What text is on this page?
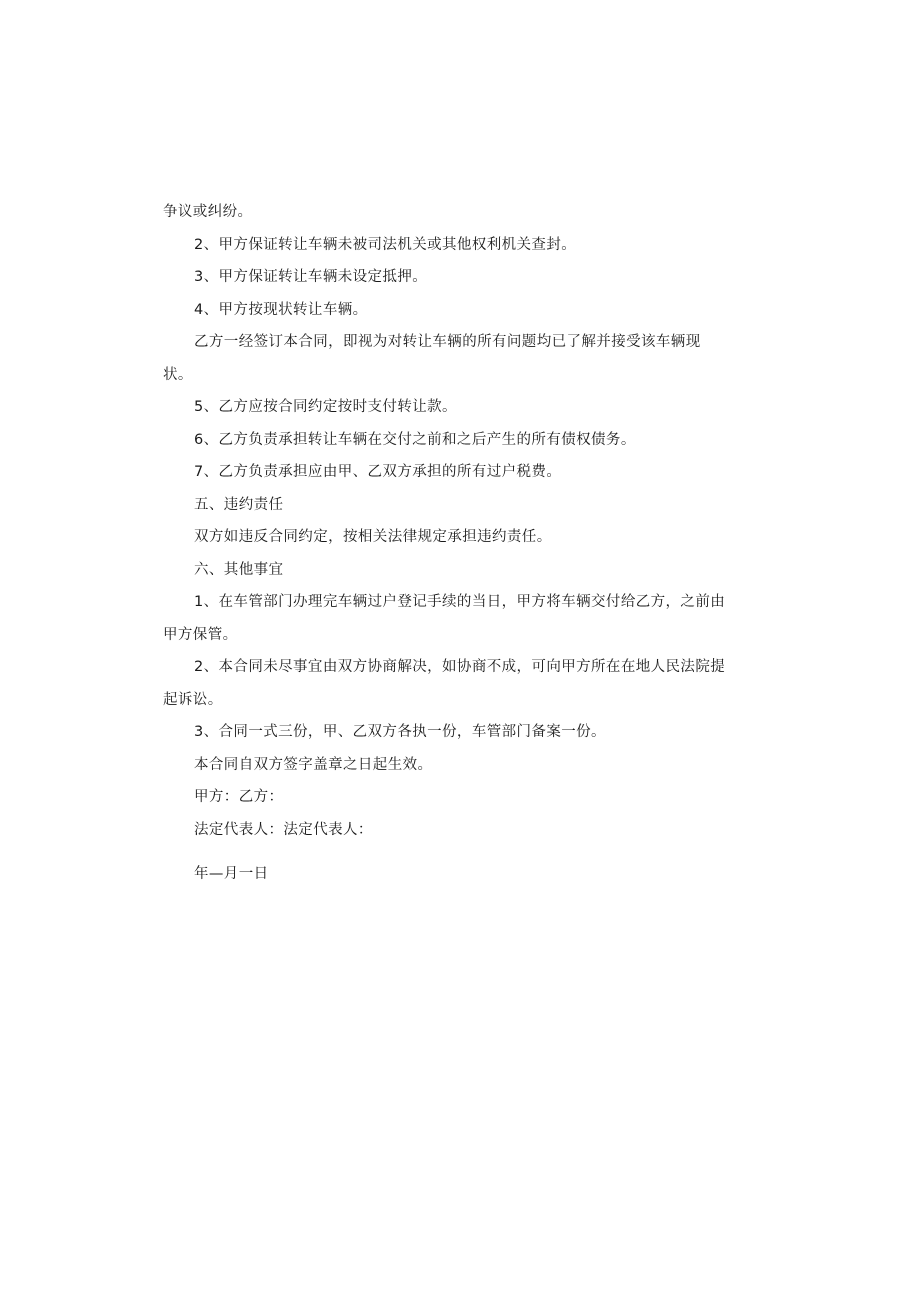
争议或纠纷。
2、甲方保证转让车辆未被司法机关或其他权利机关查封。
3、甲方保证转让车辆未设定抵押。
4、甲方按现状转让车辆。
乙方一经签订本合同，即视为对转让车辆的所有问题均已了解并接受该车辆现
状。
5、乙方应按合同约定按时支付转让款。
6、乙方负责承担转让车辆在交付之前和之后产生的所有债权债务。
7、乙方负责承担应由甲、乙双方承担的所有过户税费。
五、违约责任
双方如违反合同约定，按相关法律规定承担违约责任。
六、其他事宜
1、在车管部门办理完车辆过户登记手续的当日，甲方将车辆交付给乙方，之前由
甲方保管。
2、本合同未尽事宜由双方协商解决，如协商不成，可向甲方所在在地人民法院提
起诉讼。
3、合同一式三份，甲、乙双方各执一份，车管部门备案一份。
本合同自双方签字盖章之日起生效。
甲方：乙方：
法定代表人：法定代表人：
年—月一日
